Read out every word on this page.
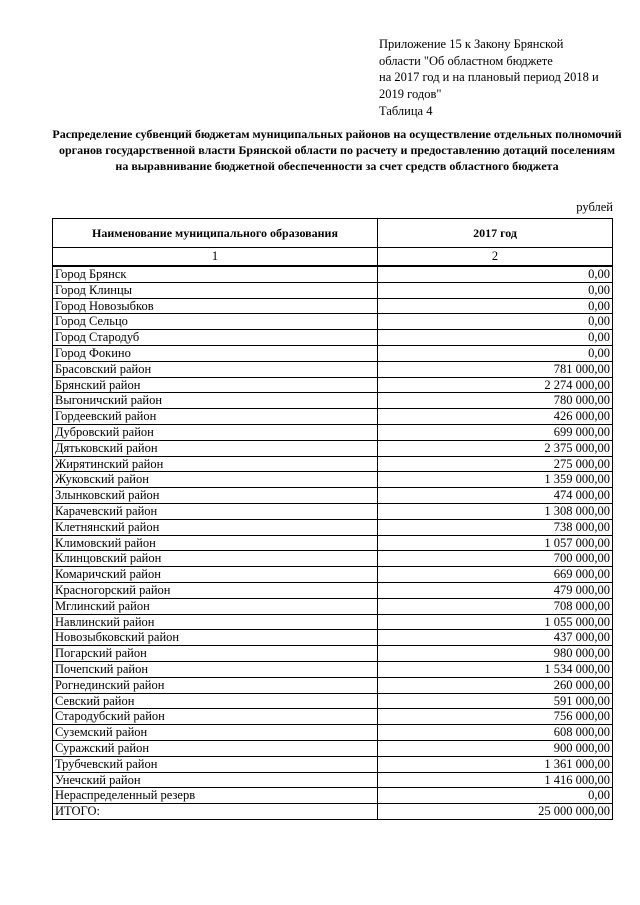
Приложение 15 к Закону Брянской
области "Об областном бюджете
на 2017 год и на плановый период 2018 и
2019 годов"
Таблица 4
Распределение субвенций бюджетам муниципальных районов на осуществление отдельных полномочий органов государственной власти Брянской области по расчету и предоставлению дотаций поселениям на выравнивание бюджетной обеспеченности за счет средств областного бюджета
рублей
Наименование муниципального образования	2017 год
1	2
Город Брянск	0,00
Город Клинцы	0,00
Город Новозыбков	0,00
Город Сельцо	0,00
Город Стародуб	0,00
Город Фокино	0,00
Брасовский район	781 000,00
Брянский район	2 274 000,00
Выгоничский район	780 000,00
Гордеевский район	426 000,00
Дубровский район	699 000,00
Дятьковский район	2 375 000,00
Жирятинский район	275 000,00
Жуковский район	1 359 000,00
Злынковский район	474 000,00
Карачевский район	1 308 000,00
Клетнянский район	738 000,00
Климовский район	1 057 000,00
Клинцовский район	700 000,00
Комаричский район	669 000,00
Красногорский район	479 000,00
Мглинский район	708 000,00
Навлинский район	1 055 000,00
Новозыбковский район	437 000,00
Погарский район	980 000,00
Почепский район	1 534 000,00
Рогнединский район	260 000,00
Севский район	591 000,00
Стародубский район	756 000,00
Суземский район	608 000,00
Суражский район	900 000,00
Трубчевский район	1 361 000,00
Унечский район	1 416 000,00
Нераспределенный резерв	0,00
ИТОГО:	25 000 000,00
